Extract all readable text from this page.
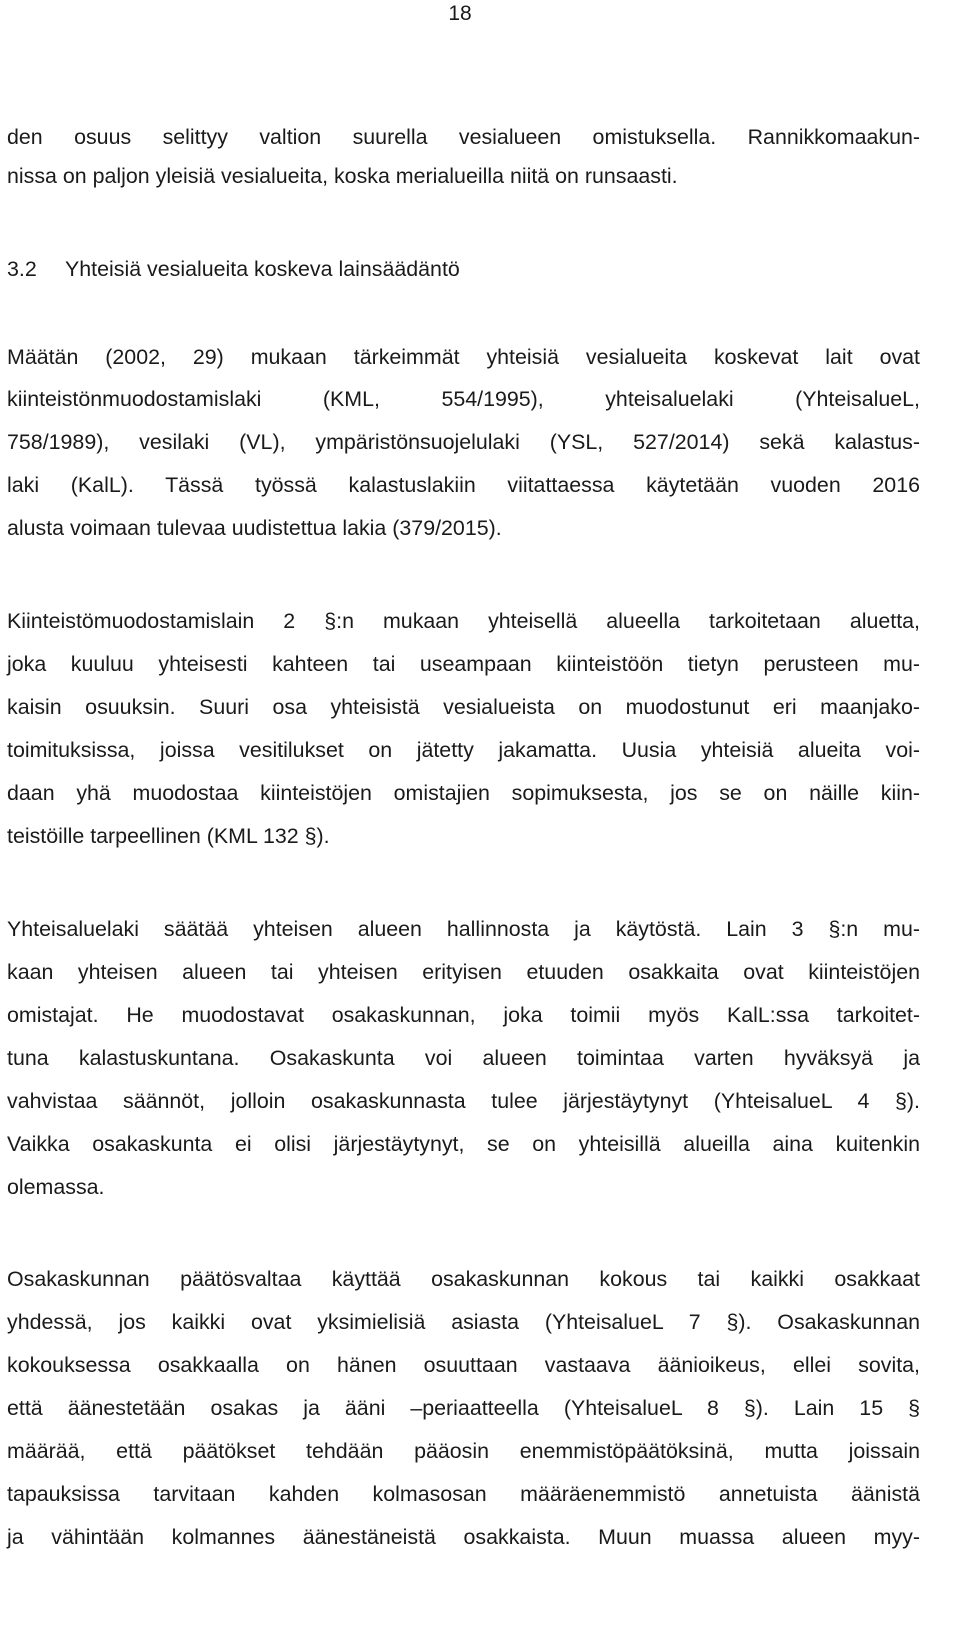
18
den osuus selittyy valtion suurella vesialueen omistuksella. Rannikkomaakun-
nissa on paljon yleisiä vesialueita, koska merialueilla niitä on runsaasti.
3.2 Yhteisiä vesialueita koskeva lainsäädäntö
Määtän (2002, 29) mukaan tärkeimmät yhteisiä vesialueita koskevat lait ovat
kiinteistönmuodostamislaki (KML, 554/1995), yhteisaluelaki (YhteisalueL,
758/1989), vesilaki (VL), ympäristönsuojelulaki (YSL, 527/2014) sekä kalastus-
laki (KalL). Tässä työssä kalastuslakiin viitattaessa käytetään vuoden 2016
alusta voimaan tulevaa uudistettua lakia (379/2015).
Kiinteistömuodostamislain 2 §:n mukaan yhteisellä alueella tarkoitetaan aluetta,
joka kuuluu yhteisesti kahteen tai useampaan kiinteistöön tietyn perusteen mu-
kaisin osuuksin. Suuri osa yhteisistä vesialueista on muodostunut eri maanjako-
toimituksissa, joissa vesitilukset on jätetty jakamatta. Uusia yhteisiä alueita voi-
daan yhä muodostaa kiinteistöjen omistajien sopimuksesta, jos se on näille kiin-
teistöille tarpeellinen (KML 132 §).
Yhteisaluelaki säätää yhteisen alueen hallinnosta ja käytöstä. Lain 3 §:n mu-
kaan yhteisen alueen tai yhteisen erityisen etuuden osakkaita ovat kiinteistöjen
omistajat. He muodostavat osakaskunnan, joka toimii myös KalL:ssa tarkoitet-
tuna kalastuskuntana. Osakaskunta voi alueen toimintaa varten hyväksyä ja
vahvistaa säännöt, jolloin osakaskunnasta tulee järjestäytynyt (YhteisalueL 4 §).
Vaikka osakaskunta ei olisi järjestäytynyt, se on yhteisillä alueilla aina kuitenkin
olemassa.
Osakaskunnan päätösvaltaa käyttää osakaskunnan kokous tai kaikki osakkaat
yhdessä, jos kaikki ovat yksimielisiä asiasta (YhteisalueL 7 §). Osakaskunnan
kokouksessa osakkaalla on hänen osuuttaan vastaava äänioikeus, ellei sovita,
että äänestetään osakas ja ääni –periaatteella (YhteisalueL 8 §). Lain 15 §
määrää, että päätökset tehdään pääosin enemmistöpäätöksinä, mutta joissain
tapauksissa tarvitaan kahden kolmasosan määräenemmistö annetuista äänistä
ja vähintään kolmannes äänestäneistä osakkaista. Muun muassa alueen myy-
